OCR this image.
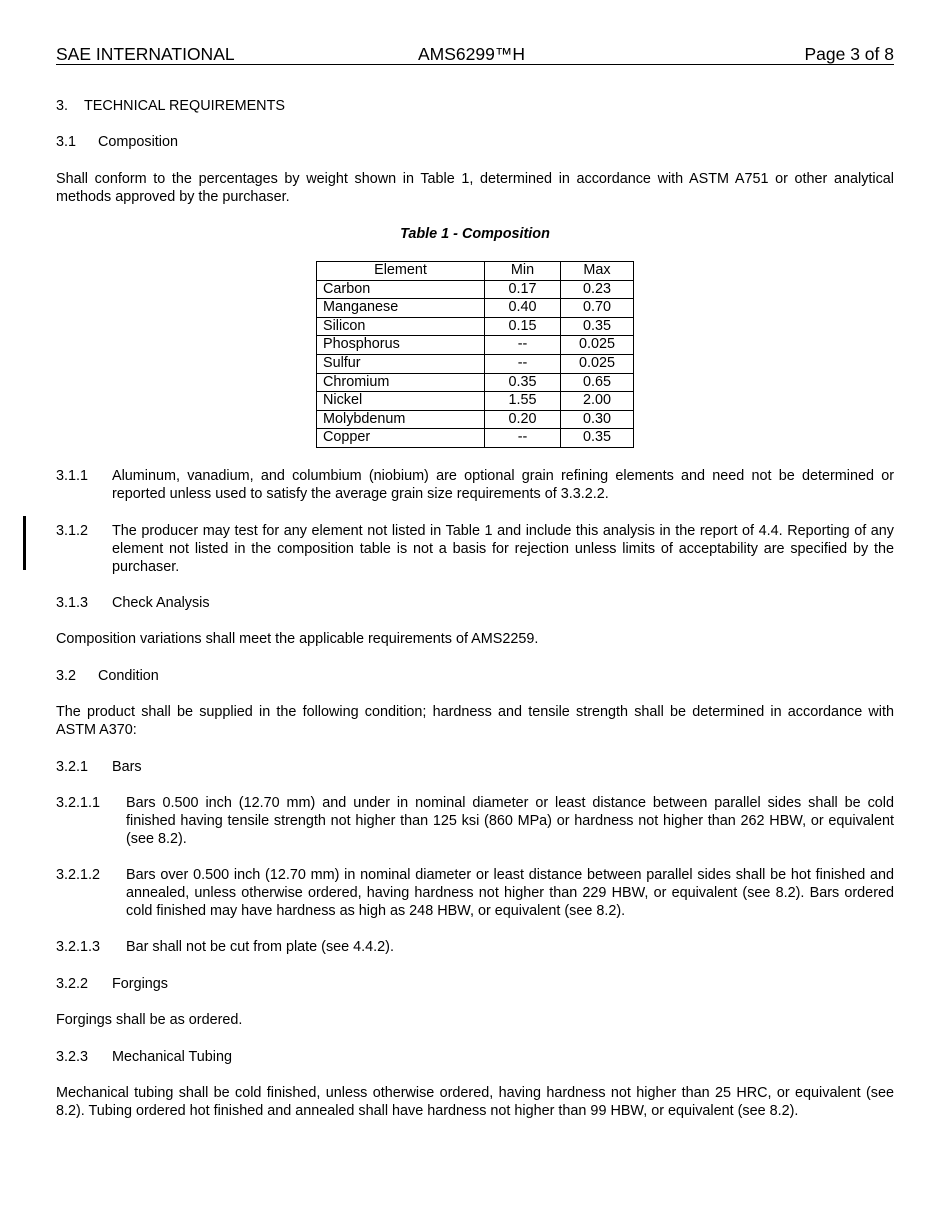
SAE INTERNATIONAL	AMS6299™H	Page 3 of 8
3. TECHNICAL REQUIREMENTS
3.1 Composition
Shall conform to the percentages by weight shown in Table 1, determined in accordance with ASTM A751 or other analytical methods approved by the purchaser.
Table 1 - Composition
Element	Min	Max
Carbon	0.17	0.23
Manganese	0.40	0.70
Silicon	0.15	0.35
Phosphorus	--	0.025
Sulfur	--	0.025
Chromium	0.35	0.65
Nickel	1.55	2.00
Molybdenum	0.20	0.30
Copper	--	0.35
3.1.1 Aluminum, vanadium, and columbium (niobium) are optional grain refining elements and need not be determined or reported unless used to satisfy the average grain size requirements of 3.3.2.2.
3.1.2 The producer may test for any element not listed in Table 1 and include this analysis in the report of 4.4. Reporting of any element not listed in the composition table is not a basis for rejection unless limits of acceptability are specified by the purchaser.
3.1.3 Check Analysis
Composition variations shall meet the applicable requirements of AMS2259.
3.2 Condition
The product shall be supplied in the following condition; hardness and tensile strength shall be determined in accordance with ASTM A370:
3.2.1 Bars
3.2.1.1 Bars 0.500 inch (12.70 mm) and under in nominal diameter or least distance between parallel sides shall be cold finished having tensile strength not higher than 125 ksi (860 MPa) or hardness not higher than 262 HBW, or equivalent (see 8.2).
3.2.1.2 Bars over 0.500 inch (12.70 mm) in nominal diameter or least distance between parallel sides shall be hot finished and annealed, unless otherwise ordered, having hardness not higher than 229 HBW, or equivalent (see 8.2). Bars ordered cold finished may have hardness as high as 248 HBW, or equivalent (see 8.2).
3.2.1.3 Bar shall not be cut from plate (see 4.4.2).
3.2.2 Forgings
Forgings shall be as ordered.
3.2.3 Mechanical Tubing
Mechanical tubing shall be cold finished, unless otherwise ordered, having hardness not higher than 25 HRC, or equivalent (see 8.2). Tubing ordered hot finished and annealed shall have hardness not higher than 99 HBW, or equivalent (see 8.2).
